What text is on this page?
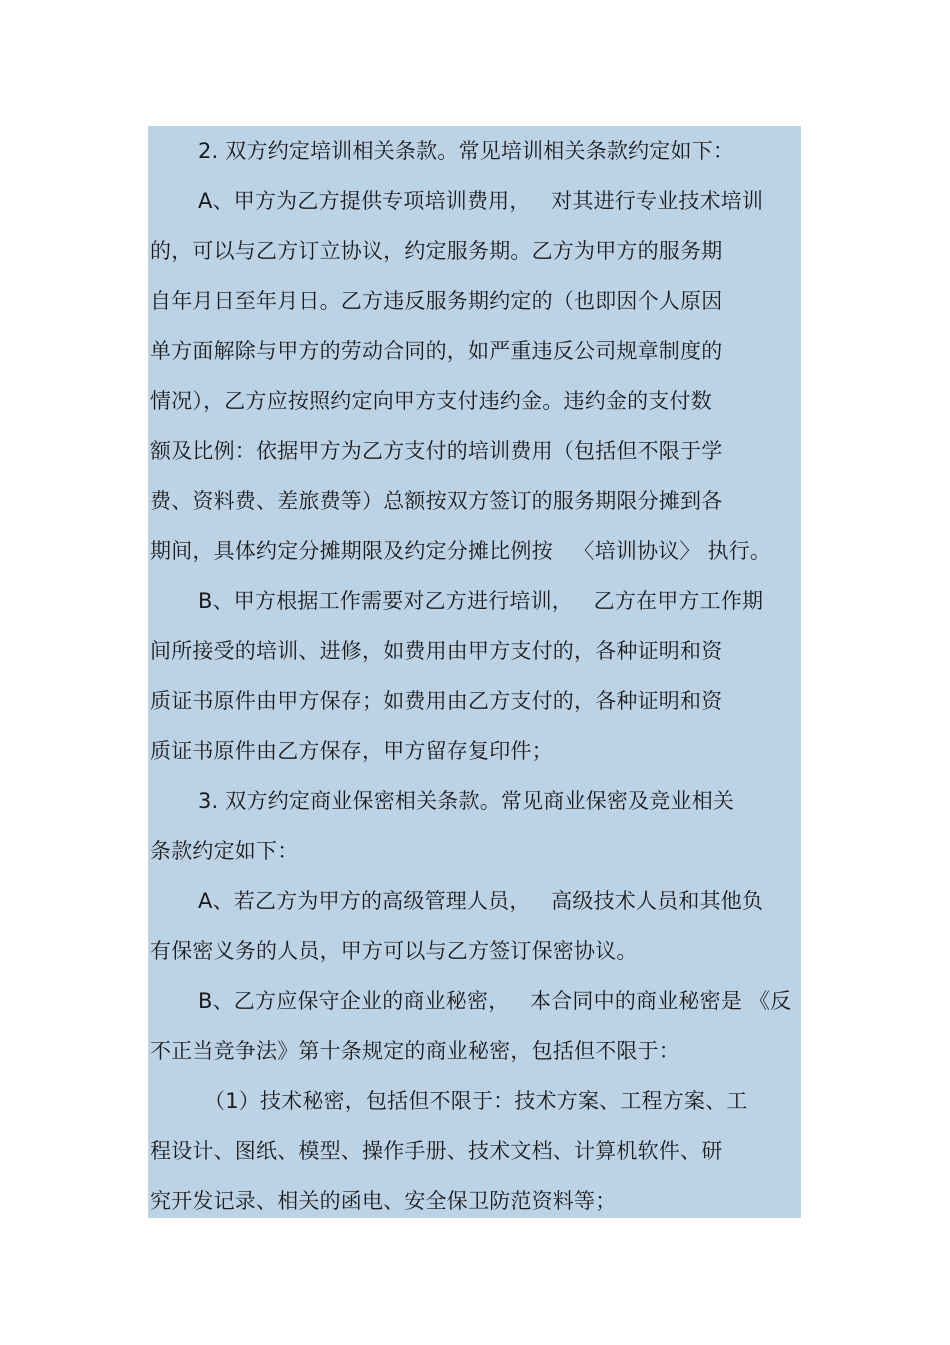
2. 双方约定培训相关条款。常见培训相关条款约定如下：
A、甲方为乙方提供专项培训费用，   对其进行专业技术培训
的，可以与乙方订立协议，约定服务期。乙方为甲方的服务期
自年月日至年月日。乙方违反服务期约定的（也即因个人原因
单方面解除与甲方的劳动合同的，如严重违反公司规章制度的
情况），乙方应按照约定向甲方支付违约金。违约金的支付数
额及比例：依据甲方为乙方支付的培训费用（包括但不限于学
费、资料费、差旅费等）总额按双方签订的服务期限分摊到各
期间，具体约定分摊期限及约定分摊比例按   〈培训协议〉 执行。
B、甲方根据工作需要对乙方进行培训，   乙方在甲方工作期
间所接受的培训、进修，如费用由甲方支付的，各种证明和资
质证书原件由甲方保存；如费用由乙方支付的，各种证明和资
质证书原件由乙方保存，甲方留存复印件；
3. 双方约定商业保密相关条款。常见商业保密及竞业相关
条款约定如下：
A、若乙方为甲方的高级管理人员，   高级技术人员和其他负
有保密义务的人员，甲方可以与乙方签订保密协议。
B、乙方应保守企业的商业秘密，   本合同中的商业秘密是 《反
不正当竞争法》第十条规定的商业秘密，包括但不限于：
（1）技术秘密，包括但不限于：技术方案、工程方案、工
程设计、图纸、模型、操作手册、技术文档、计算机软件、研
究开发记录、相关的函电、安全保卫防范资料等；
